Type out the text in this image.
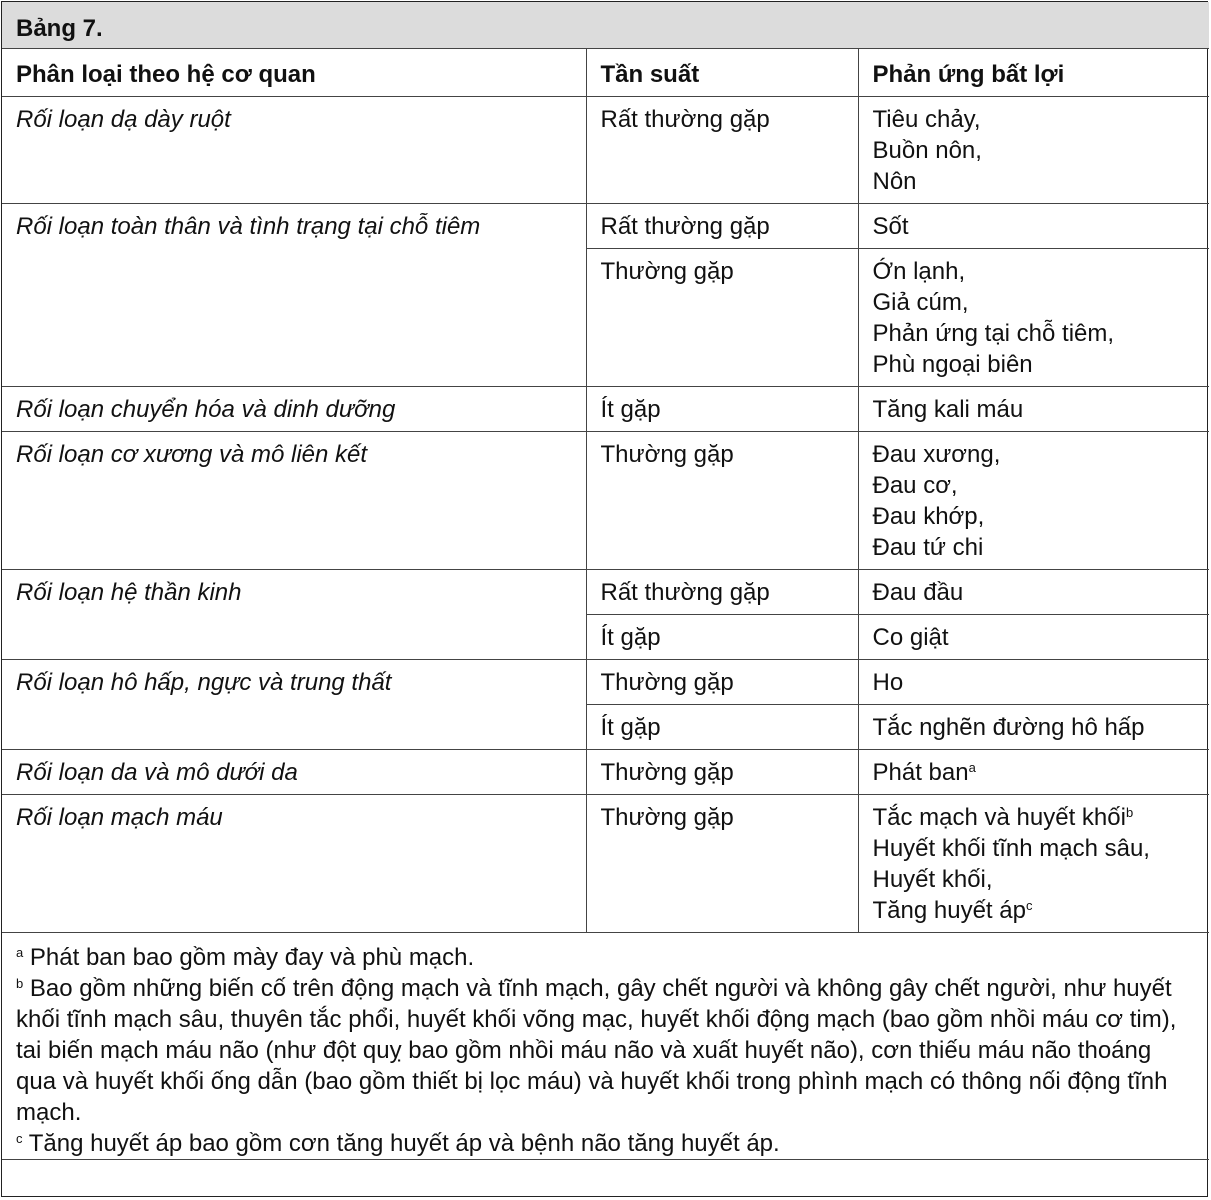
Bảng 7.		
Phân loại theo hệ cơ quan	Tần suất	Phản ứng bất lợi
Rối loạn dạ dày ruột	Rất thường gặp	Tiêu chảy,
Buồn nôn,
Nôn

Rối loạn toàn thân và tình trạng tại chỗ tiêm	Rất thường gặp	Sốt

	Thường gặp	Ớn lạnh,
Giả cúm,
Phản ứng tại chỗ tiêm,
Phù ngoại biên

Rối loạn chuyển hóa và dinh dưỡng	Ít gặp	Tăng kali máu

Rối loạn cơ xương và mô liên kết	Thường gặp	Đau xương,
Đau cơ,
Đau khớp,
Đau tứ chi

Rối loạn hệ thần kinh	Rất thường gặp	Đau đầu

	Ít gặp	Co giật

Rối loạn hô hấp, ngực và trung thất	Thường gặp	Ho

	Ít gặp	Tắc nghẽn đường hô hấp

Rối loạn da và mô dưới da	Thường gặp	Phát ban$^a$

Rối loạn mạch máu	Thường gặp	Tắc mạch và huyết khối$^b$
Huyết khối tĩnh mạch sâu,
Huyết khối,
Tăng huyết $áp^c$

$^a$ Phát ban bao gồm mày đay và phù mạch.
$^b$ Bao gồm những biến cố trên động mạch và tĩnh mạch, gây chết người và không gây chết người, như huyết khối tĩnh mạch sâu, thuyên tắc phổi, huyết khối võng mạc, huyết khối động mạch (bao gồm nhồi máu cơ tim), tai biến mạch máu não (như đột quỵ bao gồm nhồi máu não và xuất huyết não), cơn thiếu máu não thoáng qua và huyết khối ống dẫn (bao gồm thiết bị lọc máu) và huyết khối trong phình mạch có thông nối động tĩnh mạch.
$^c$ Tăng huyết áp bao gồm cơn tăng huyết áp và bệnh não tăng huyết áp.		
